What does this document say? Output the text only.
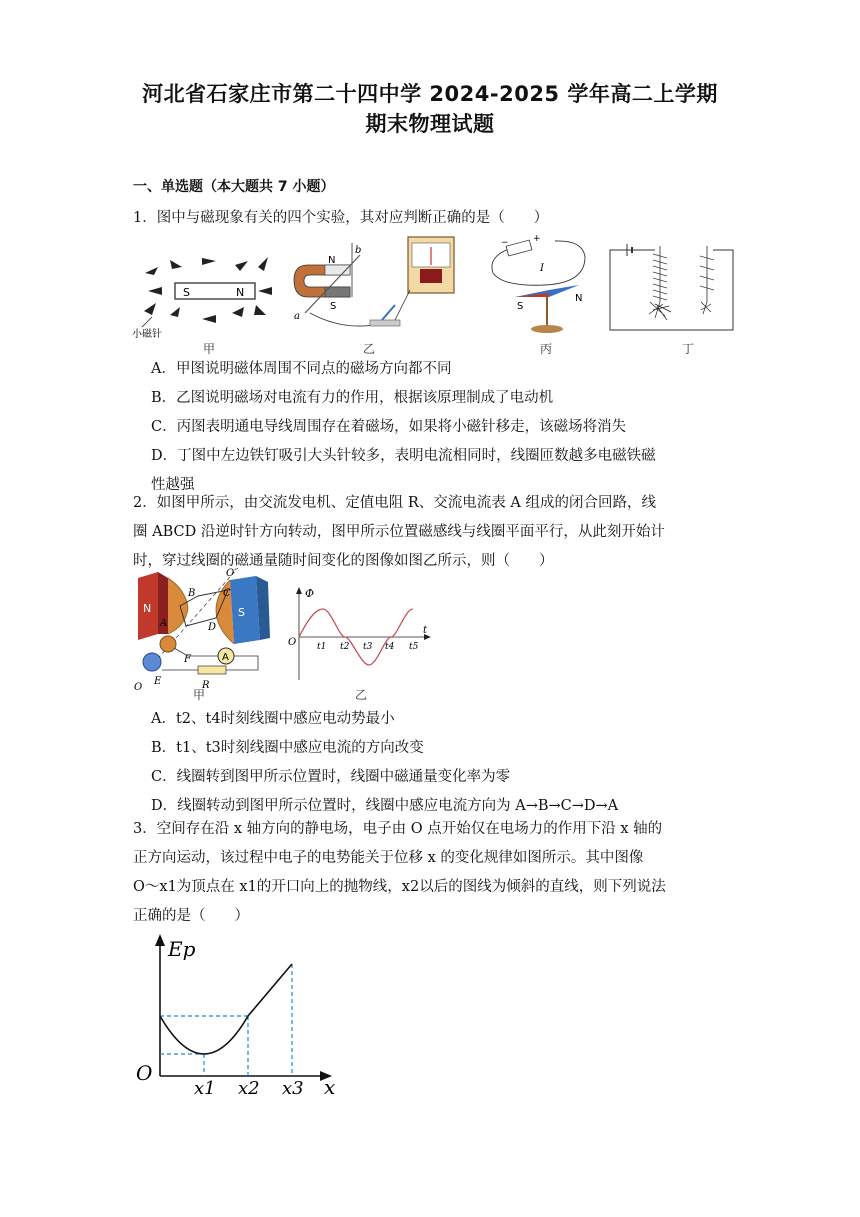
河北省石家庄市第二十四中学 2024-2025 学年高二上学期
期末物理试题
一、单选题（本大题共 7 小题）
1．图中与磁现象有关的四个实验，其对应判断正确的是（　　）
S	N
小磁针
甲
N
S
b
a
乙
−	+
I
S
N
丙	丁
A．甲图说明磁体周围不同点的磁场方向都不同
B．乙图说明磁场对电流有力的作用，根据该原理制成了电动机
C．丙图表明通电导线周围存在着磁场，如果将小磁针移走，该磁场将消失
D．丁图中左边铁钉吸引大头针较多，表明电流相同时，线圈匝数越多电磁铁磁
性越强
2．如图甲所示，由交流发电机、定值电阻 R、交流电流表 A 组成的闭合回路，线
圈 ABCD 沿逆时针方向转动，图甲所示位置磁感线与线圈平面平行，从此刻开始计
时，穿过线圈的磁通量随时间变化的图像如图乙所示，则（　　）
N	S
O′
B	C
A	D
F
E
O
A
R
甲
Φ
t
O t1 t2 t3 t4 t5
乙
A．t2、t4时刻线圈中感应电动势最小
B．t1、t3时刻线圈中感应电流的方向改变
C．线圈转到图甲所示位置时，线圈中磁通量变化率为零
D．线圈转动到图甲所示位置时，线圈中感应电流方向为 A→B→C→D→A
3．空间存在沿 x 轴方向的静电场，电子由 O 点开始仅在电场力的作用下沿 x 轴的
正方向运动，该过程中电子的电势能关于位移 x 的变化规律如图所示。其中图像
O～x1为顶点在 x1的开口向上的抛物线，x2以后的图线为倾斜的直线，则下列说法
正确的是（　　）
Ep
x
O
x1 x2 x3
